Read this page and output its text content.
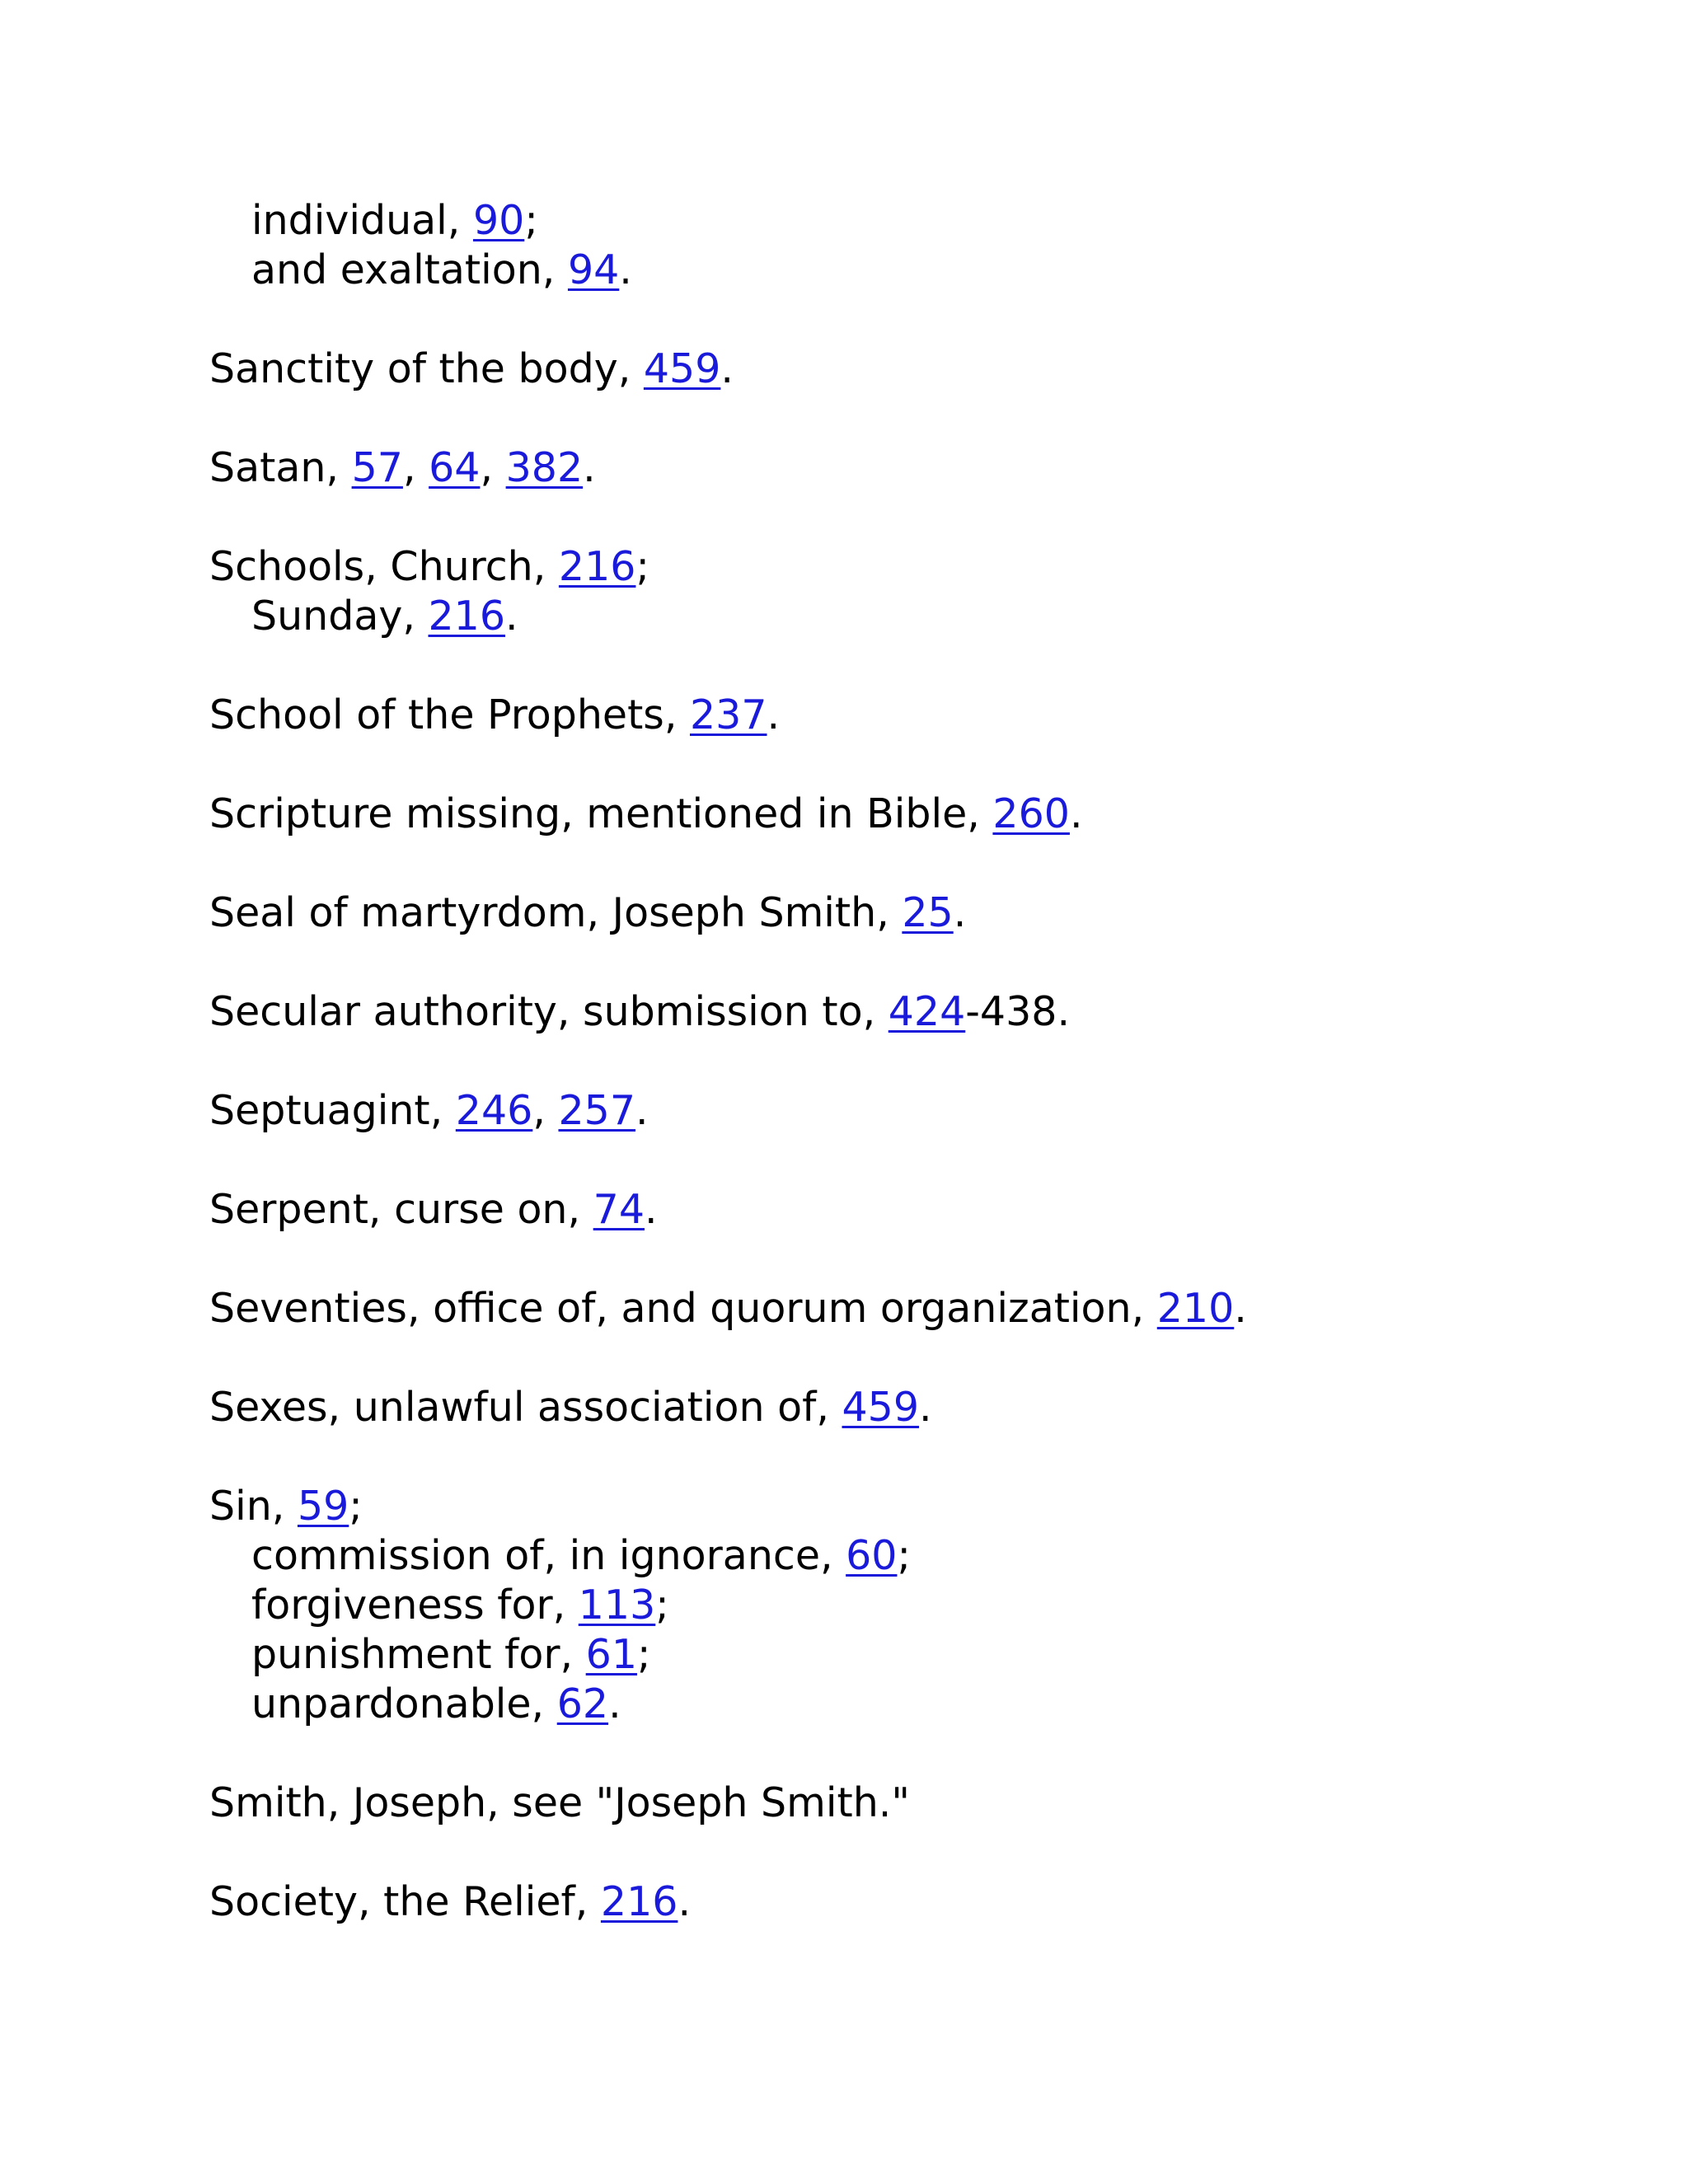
individual, 90;
and exaltation, 94.
Sanctity of the body, 459.
Satan, 57, 64, 382.
Schools, Church, 216;
Sunday, 216.
School of the Prophets, 237.
Scripture missing, mentioned in Bible, 260.
Seal of martyrdom, Joseph Smith, 25.
Secular authority, submission to, 424-438.
Septuagint, 246, 257.
Serpent, curse on, 74.
Seventies, office of, and quorum organization, 210.
Sexes, unlawful association of, 459.
Sin, 59;
commission of, in ignorance, 60;
forgiveness for, 113;
punishment for, 61;
unpardonable, 62.
Smith, Joseph, see "Joseph Smith."
Society, the Relief, 216.
